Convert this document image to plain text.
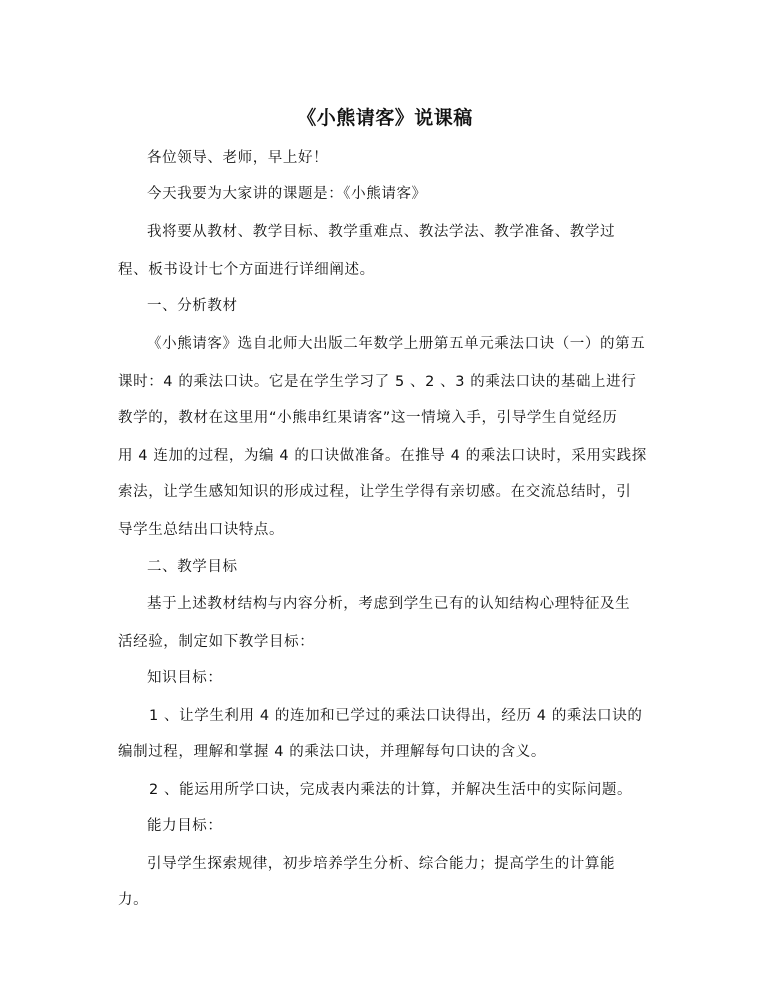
《小熊请客》说课稿
各位领导、老师，早上好！
今天我要为大家讲的课题是：《小熊请客》
我将要从教材、教学目标、教学重难点、教法学法、教学准备、教学过
程、板书设计七个方面进行详细阐述。
一、分析教材
《小熊请客》选自北师大出版二年数学上册第五单元乘法口诀（一）的第五
课时：4 的乘法口诀。它是在学生学习了 5 、2 、3 的乘法口诀的基础上进行
教学的，教材在这里用“小熊串红果请客”这一情境入手，引导学生自觉经历
用 4 连加的过程，为编 4 的口诀做准备。在推导 4 的乘法口诀时，采用实践探
索法，让学生感知知识的形成过程，让学生学得有亲切感。在交流总结时，引
导学生总结出口诀特点。
二、教学目标
基于上述教材结构与内容分析，考虑到学生已有的认知结构心理特征及生
活经验，制定如下教学目标：
知识目标：
1 、让学生利用 4 的连加和已学过的乘法口诀得出，经历 4 的乘法口诀的
编制过程，理解和掌握 4 的乘法口诀，并理解每句口诀的含义。
2 、能运用所学口诀，完成表内乘法的计算，并解决生活中的实际问题。
能力目标：
引导学生探索规律，初步培养学生分析、综合能力；提高学生的计算能
力。
